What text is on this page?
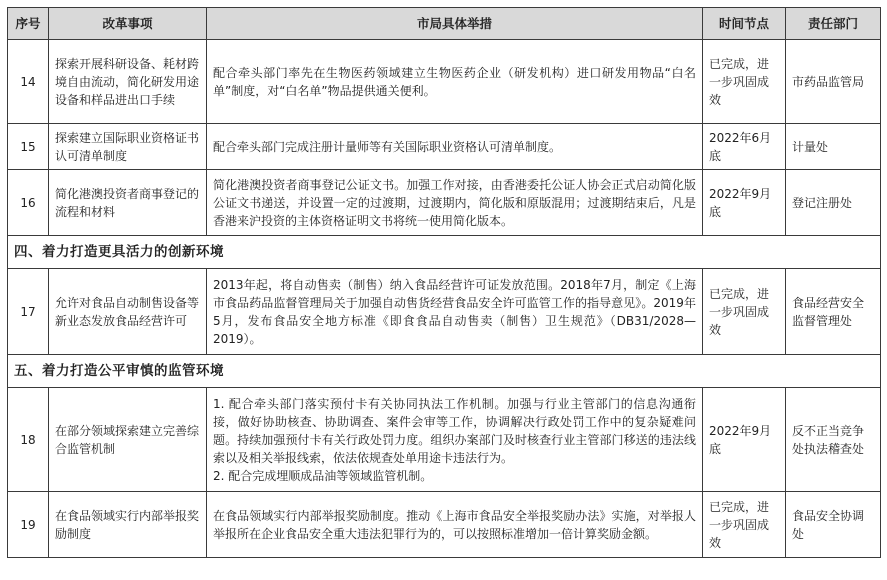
序号	改革事项	市局具体举措	时间节点	责任部门
14	探索开展科研设备、耗材跨境自由流动，简化研发用途设备和样品进出口手续	配合牵头部门率先在生物医药领域建立生物医药企业（研发机构）进口研发用物品“白名单”制度，对“白名单”物品提供通关便利。	已完成，进一步巩固成效	市药品监管局
15	探索建立国际职业资格证书认可清单制度	配合牵头部门完成注册计量师等有关国际职业资格认可清单制度。	2022年6月底	计量处
16	简化港澳投资者商事登记的流程和材料	简化港澳投资者商事登记公证文书。加强工作对接，由香港委托公证人协会正式启动简化版公证文书递送，并设置一定的过渡期，过渡期内，简化版和原版混用；过渡期结束后，凡是香港来沪投资的主体资格证明文书将统一使用简化版本。	2022年9月底	登记注册处
四、着力打造更具活力的创新环境				
17	允许对食品自动制售设备等新业态发放食品经营许可	2013年起，将自动售卖（制售）纳入食品经营许可证发放范围。2018年7月，制定《上海市食品药品监督管理局关于加强自动售货经营食品安全许可监管工作的指导意见》。2019年5月，发布食品安全地方标准《即食食品自动售卖（制售）卫生规范》（DB31/2028—2019）。	已完成，进一步巩固成效	食品经营安全监督管理处
五、着力打造公平审慎的监管环境				
18	在部分领域探索建立完善综合监管机制	1. 配合牵头部门落实预付卡有关协同执法工作机制。加强与行业主管部门的信息沟通衔接，做好协助核查、协助调查、案件会审等工作，协调解决行政处罚工作中的复杂疑难问题。持续加强预付卡有关行政处罚力度。组织办案部门及时核查行业主管部门移送的违法线索以及相关举报线索，依法依规查处单用途卡违法行为。
2. 配合完成埋顺成品油等领域监管机制。	2022年9月底	反不正当竞争处执法稽查处
19	在食品领域实行内部举报奖励制度	在食品领域实行内部举报奖励制度。推动《上海市食品安全举报奖励办法》实施，对举报人举报所在企业食品安全重大违法犯罪行为的，可以按照标准增加一倍计算奖励金额。	已完成，进一步巩固成效	食品安全协调处
